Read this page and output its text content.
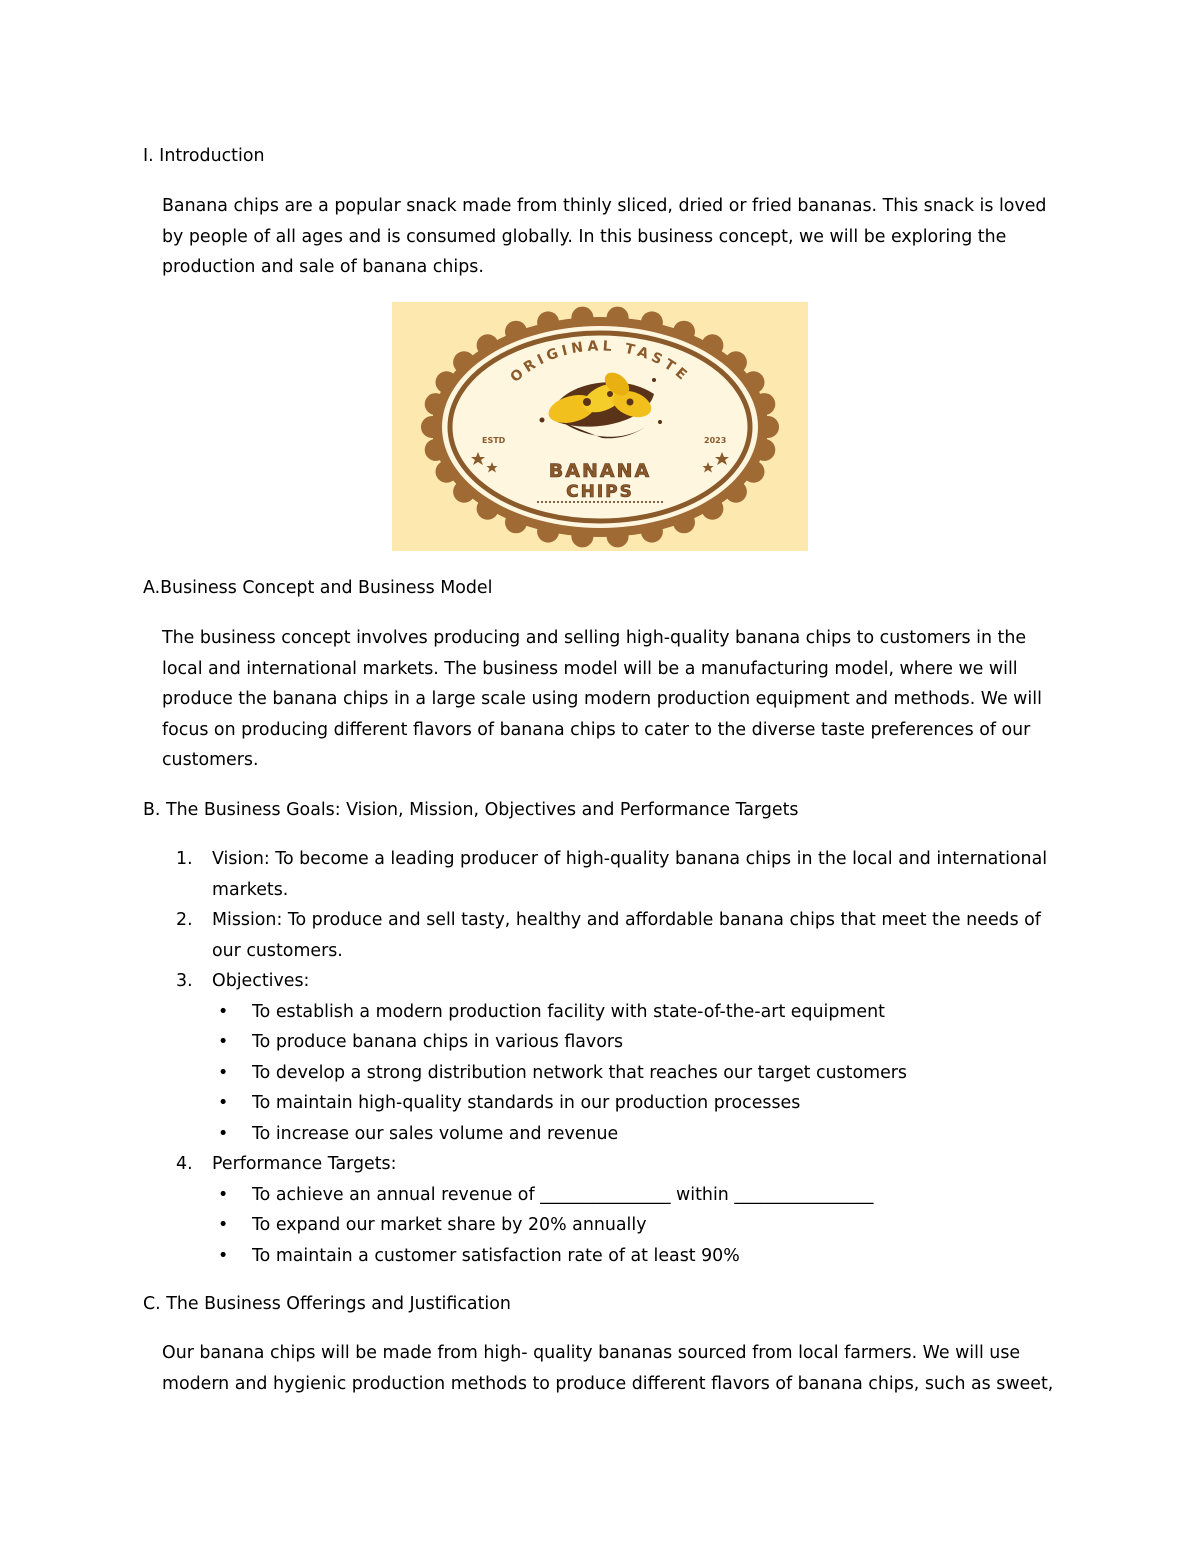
I. Introduction

Banana chips are a popular snack made from thinly sliced, dried or fried bananas. This snack is loved
by people of all ages and is consumed globally. In this business concept, we will be exploring the
production and sale of banana chips.

ORIGINAL TASTE
ESTD	2023
BANANA
CHIPS
A.Business Concept and Business Model

The business concept involves producing and selling high-quality banana chips to customers in the
local and international markets. The business model will be a manufacturing model, where we will
produce the banana chips in a large scale using modern production equipment and methods. We will
focus on producing different flavors of banana chips to cater to the diverse taste preferences of our
customers.

B. The Business Goals: Vision, Mission, Objectives and Performance Targets
1. Vision: To become a leading producer of high-quality banana chips in the local and international
markets.
2. Mission: To produce and sell tasty, healthy and affordable banana chips that meet the needs of
our customers.
3. Objectives:
• To establish a modern production facility with state-of-the-art equipment
• To produce banana chips in various flavors
• To develop a strong distribution network that reaches our target customers
• To maintain high-quality standards in our production processes
• To increase our sales volume and revenue
4. Performance Targets:
• To achieve an annual revenue of _______________ within ________________
• To expand our market share by 20% annually
• To maintain a customer satisfaction rate of at least 90%
C. The Business Offerings and Justification

Our banana chips will be made from high- quality bananas sourced from local farmers. We will use
modern and hygienic production methods to produce different flavors of banana chips, such as sweet,
